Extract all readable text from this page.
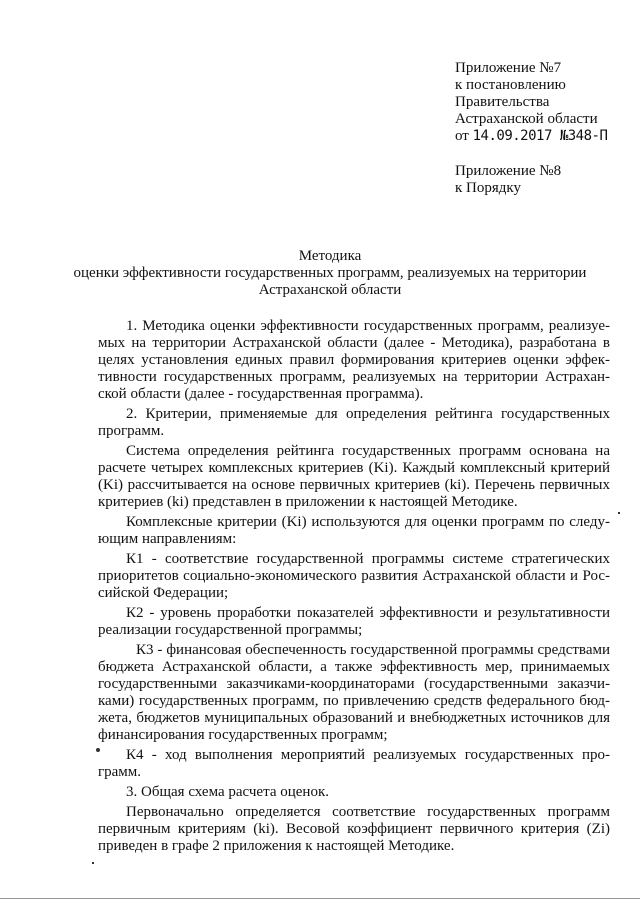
Приложение №7
к постановлению
Правительства
Астраханской области
от 14.09.2017 №348-П
Приложение №8
к Порядку
Методика
оценки эффективности государственных программ, реализуемых на территории
Астраханской области
1. Методика оценки эффективности государственных программ, реализуе-
мых на территории Астраханской области (далее - Методика), разработана в
целях установления единых правил формирования критериев оценки эффек-
тивности государственных программ, реализуемых на территории Астрахан-
ской области (далее - государственная программа).
2. Критерии, применяемые для определения рейтинга государственных
программ.
Система определения рейтинга государственных программ основана на
расчете четырех комплексных критериев (Ki). Каждый комплексный критерий
(Ki) рассчитывается на основе первичных критериев (ki). Перечень первичных
критериев (ki) представлен в приложении к настоящей Методике.
Комплексные критерии (Ki) используются для оценки программ по следу-
ющим направлениям:
К1 - соответствие государственной программы системе стратегических
приоритетов социально-экономического развития Астраханской области и Рос-
сийской Федерации;
К2 - уровень проработки показателей эффективности и результативности
реализации государственной программы;
К3 - финансовая обеспеченность государственной программы средствами
бюджета Астраханской области, а также эффективность мер, принимаемых
государственными заказчиками-координаторами (государственными заказчи-
ками) государственных программ, по привлечению средств федерального бюд-
жета, бюджетов муниципальных образований и внебюджетных источников для
финансирования государственных программ;
К4 - ход выполнения мероприятий реализуемых государственных про-
грамм.
3. Общая схема расчета оценок.
Первоначально определяется соответствие государственных программ
первичным критериям (ki). Весовой коэффициент первичного критерия (Zi)
приведен в графе 2 приложения к настоящей Методике.
